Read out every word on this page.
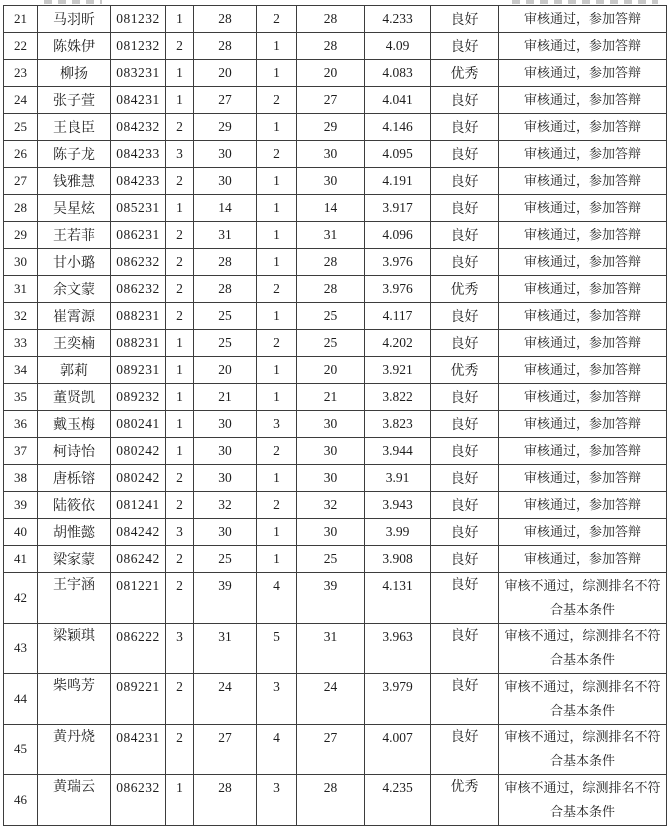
21	马羽昕	081232	1	28	2	28	4.233	良好	审核通过，参加答辩
22	陈姝伊	081232	2	28	1	28	4.09	良好	审核通过，参加答辩
23	柳扬	083231	1	20	1	20	4.083	优秀	审核通过，参加答辩
24	张子萱	084231	1	27	2	27	4.041	良好	审核通过，参加答辩
25	王良臣	084232	2	29	1	29	4.146	良好	审核通过，参加答辩
26	陈子龙	084233	3	30	2	30	4.095	良好	审核通过，参加答辩
27	钱雅慧	084233	2	30	1	30	4.191	良好	审核通过，参加答辩
28	吴星炫	085231	1	14	1	14	3.917	良好	审核通过，参加答辩
29	王若菲	086231	2	31	1	31	4.096	良好	审核通过，参加答辩
30	甘小璐	086232	2	28	1	28	3.976	良好	审核通过，参加答辩
31	余文蒙	086232	2	28	2	28	3.976	优秀	审核通过，参加答辩
32	崔霄源	088231	2	25	1	25	4.117	良好	审核通过，参加答辩
33	王奕楠	088231	1	25	2	25	4.202	良好	审核通过，参加答辩
34	郭莉	089231	1	20	1	20	3.921	优秀	审核通过，参加答辩
35	董贤凯	089232	1	21	1	21	3.822	良好	审核通过，参加答辩
36	戴玉梅	080241	1	30	3	30	3.823	良好	审核通过，参加答辩
37	柯诗怡	080242	1	30	2	30	3.944	良好	审核通过，参加答辩
38	唐栎镕	080242	2	30	1	30	3.91	良好	审核通过，参加答辩
39	陆筱依	081241	2	32	2	32	3.943	良好	审核通过，参加答辩
40	胡惟懿	084242	3	30	1	30	3.99	良好	审核通过，参加答辩
41	梁家蒙	086242	2	25	1	25	3.908	良好	审核通过，参加答辩
42	王宇涵	081221	2	39	4	39	4.131	良好	审核不通过，综测排名不符合基本条件
43	梁颖琪	086222	3	31	5	31	3.963	良好	审核不通过，综测排名不符合基本条件
44	柴鸣芳	089221	2	24	3	24	3.979	良好	审核不通过，综测排名不符合基本条件
45	黄丹烧	084231	2	27	4	27	4.007	良好	审核不通过，综测排名不符合基本条件
46	黄瑞云	086232	1	28	3	28	4.235	优秀	审核不通过，综测排名不符合基本条件
